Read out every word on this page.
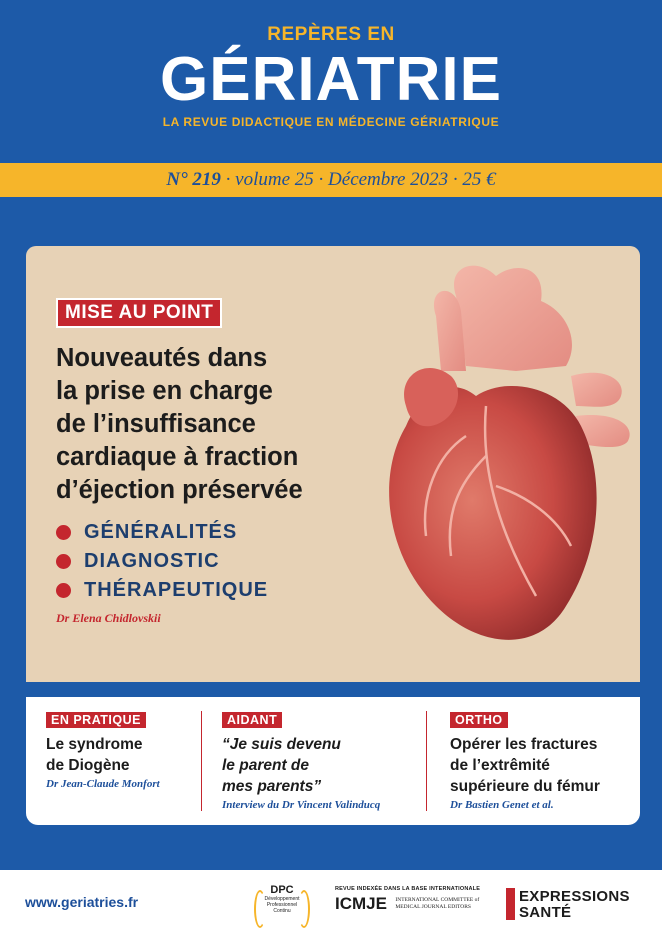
REPÈRES EN
GÉRIATRIE
LA REVUE DIDACTIQUE EN MÉDECINE GÉRIATRIQUE
N° 219 · volume 25 · Décembre 2023 · 25 €
MISE AU POINT
Nouveautés dans
la prise en charge
de l’insuffisance
cardiaque à fraction
d’éjection préservée
GÉNÉRALITÉS
DIAGNOSTIC
THÉRAPEUTIQUE
Dr Elena Chidlovskii
EN PRATIQUE
Le syndrome
de Diogène
Dr Jean-Claude Monfort
AIDANT
“Je suis devenu
le parent de
mes parents”
Interview du Dr Vincent Valinducq
ORTHO
Opérer les fractures
de l’extrêmité
supérieure du fémur
Dr Bastien Genet et al.
www.geriatries.fr
DPC
Développement
Professionnel
Continu
REVUE INDEXÉE DANS LA BASE INTERNATIONALE
ICMJE INTERNATIONAL COMMITTEE of
MEDICAL JOURNAL EDITORS
EXPRESSIONS
SANTÉ
